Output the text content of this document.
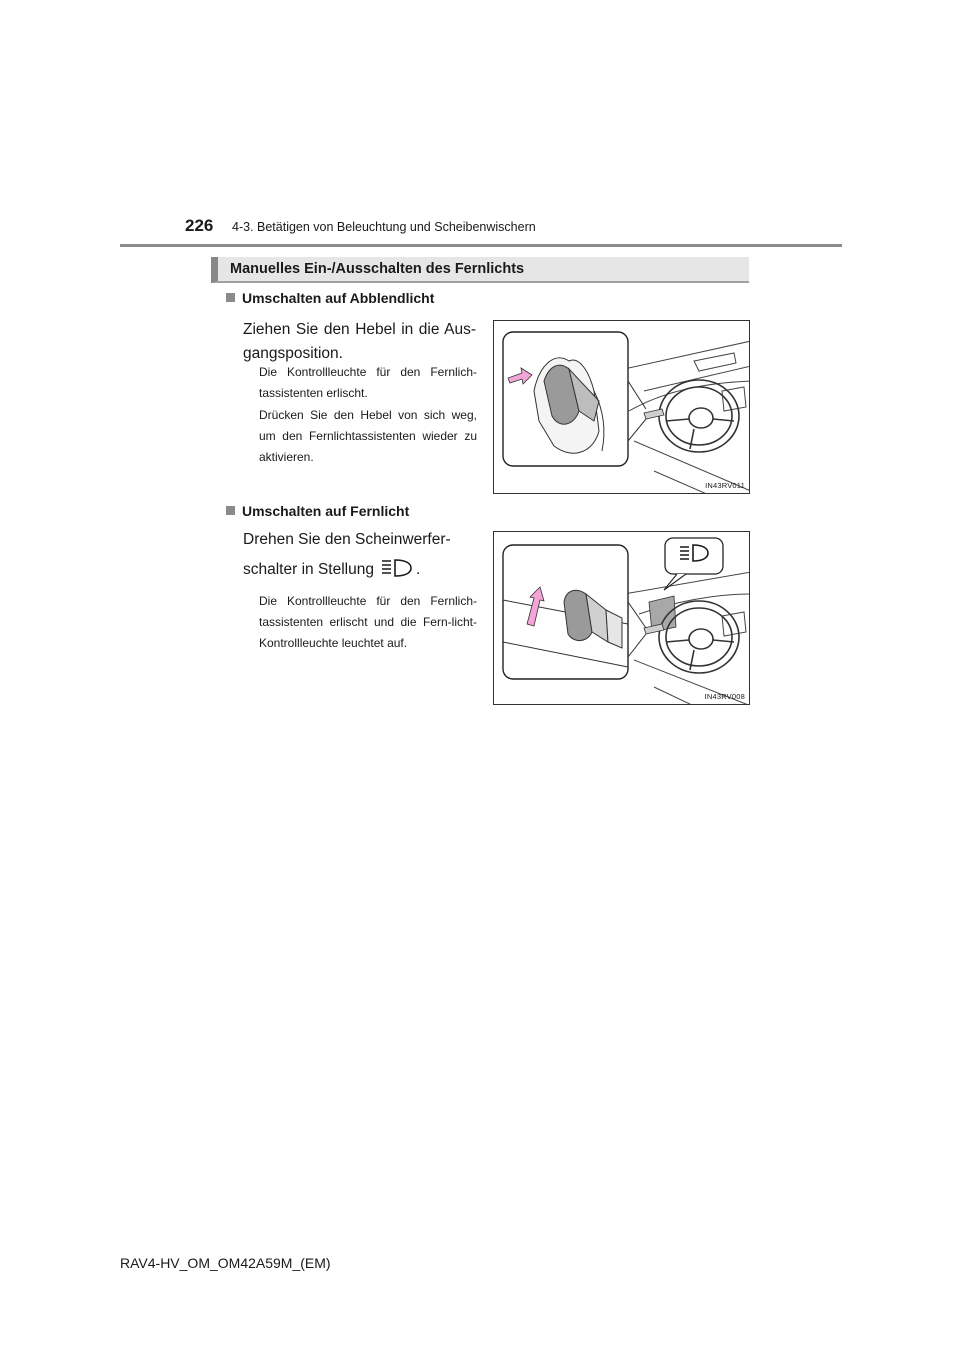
226 4-3. Betätigen von Beleuchtung und Scheibenwischern
Manuelles Ein-/Ausschalten des Fernlichts
Umschalten auf Abblendlicht
Ziehen Sie den Hebel in die Aus-gangsposition.
Die Kontrollleuchte für den Fernlich-tassistenten erlischt.
Drücken Sie den Hebel von sich weg, um den Fernlichtassistenten wieder zu aktivieren.
IN43RV011
Umschalten auf Fernlicht
Drehen Sie den Scheinwerfer-
schalter in Stellung	.
Die Kontrollleuchte für den Fernlich-tassistenten erlischt und die Fern-licht-Kontrollleuchte leuchtet auf.
IN43RV008
RAV4-HV_OM_OM42A59M_(EM)
